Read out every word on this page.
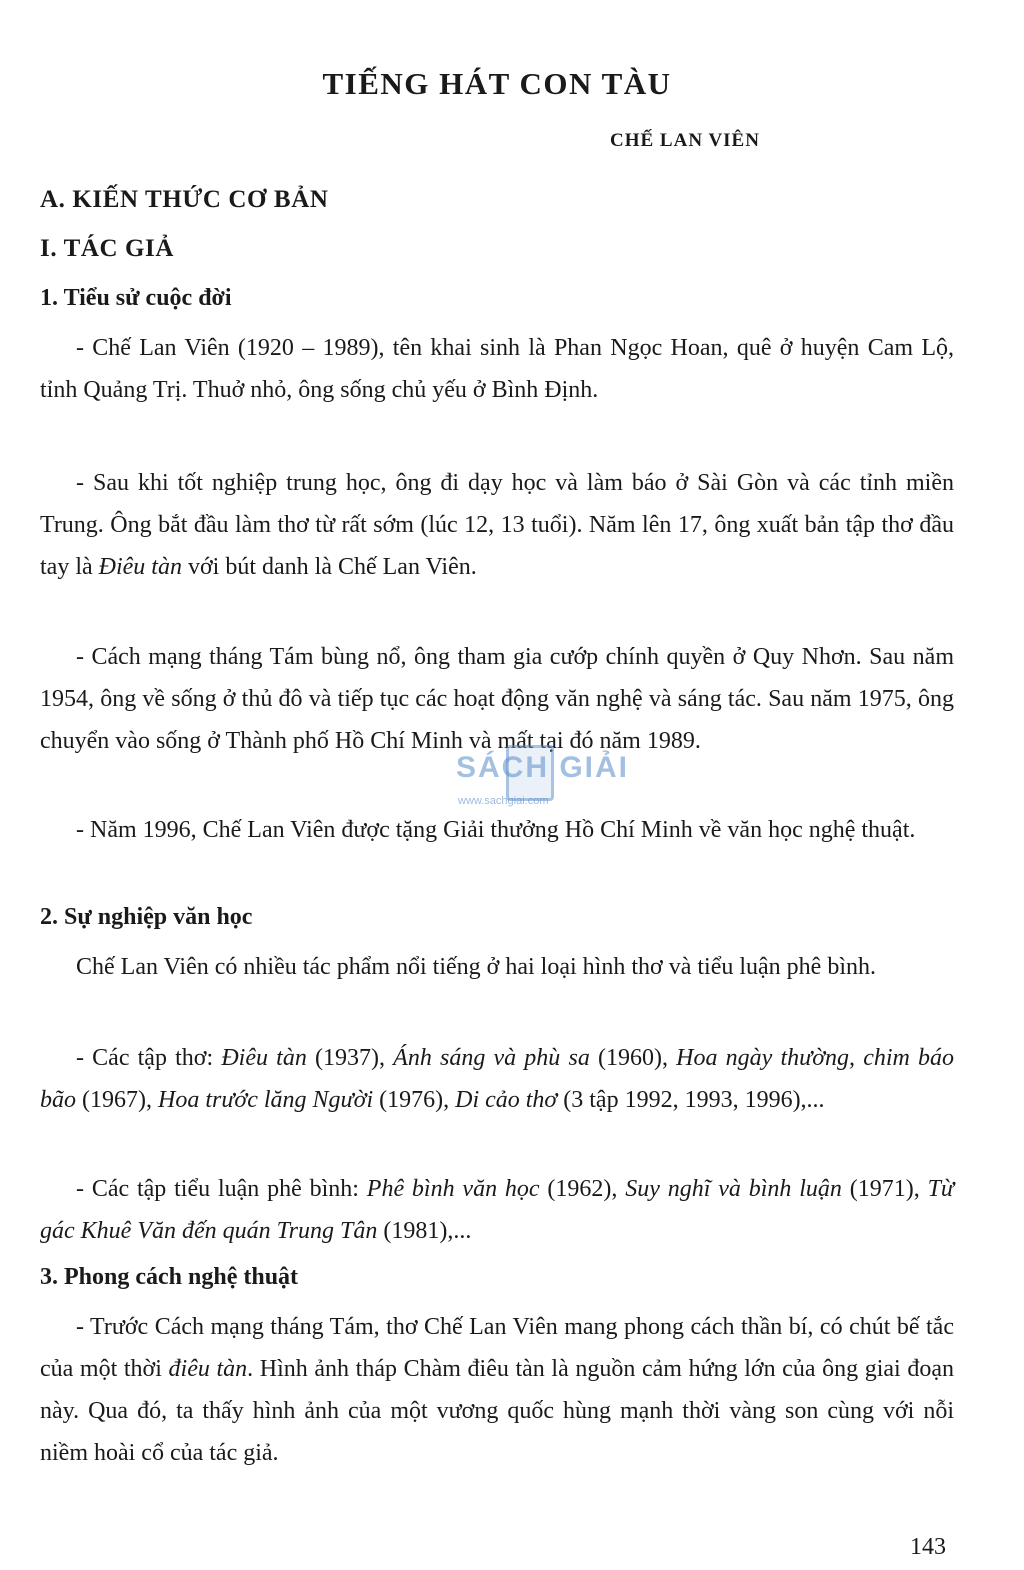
TIẾNG HÁT CON TÀU

CHẾ LAN VIÊN

A. KIẾN THỨC CƠ BẢN
I. TÁC GIẢ
1. Tiểu sử cuộc đời

- Chế Lan Viên (1920 – 1989), tên khai sinh là Phan Ngọc Hoan, quê ở huyện Cam Lộ, tỉnh Quảng Trị. Thuở nhỏ, ông sống chủ yếu ở Bình Định.

- Sau khi tốt nghiệp trung học, ông đi dạy học và làm báo ở Sài Gòn và các tỉnh miền Trung. Ông bắt đầu làm thơ từ rất sớm (lúc 12, 13 tuổi). Năm lên 17, ông xuất bản tập thơ đầu tay là Điêu tàn với bút danh là Chế Lan Viên.

- Cách mạng tháng Tám bùng nổ, ông tham gia cướp chính quyền ở Quy Nhơn. Sau năm 1954, ông về sống ở thủ đô và tiếp tục các hoạt động văn nghệ và sáng tác. Sau năm 1975, ông chuyển vào sống ở Thành phố Hồ Chí Minh và mất tại đó năm 1989.

- Năm 1996, Chế Lan Viên được tặng Giải thưởng Hồ Chí Minh về văn học nghệ thuật.

2. Sự nghiệp văn học

Chế Lan Viên có nhiều tác phẩm nổi tiếng ở hai loại hình thơ và tiểu luận phê bình.

- Các tập thơ: Điêu tàn (1937), Ánh sáng và phù sa (1960), Hoa ngày thường, chim báo bão (1967), Hoa trước lăng Người (1976), Di cảo thơ (3 tập 1992, 1993, 1996),...

- Các tập tiểu luận phê bình: Phê bình văn học (1962), Suy nghĩ và bình luận (1971), Từ gác Khuê Văn đến quán Trung Tân (1981),...

3. Phong cách nghệ thuật

- Trước Cách mạng tháng Tám, thơ Chế Lan Viên mang phong cách thần bí, có chút bế tắc của một thời điêu tàn. Hình ảnh tháp Chàm điêu tàn là nguồn cảm hứng lớn của ông giai đoạn này. Qua đó, ta thấy hình ảnh của một vương quốc hùng mạnh thời vàng son cùng với nỗi niềm hoài cổ của tác giả.

SÁCH GIẢI
www.sachgiai.com

143
